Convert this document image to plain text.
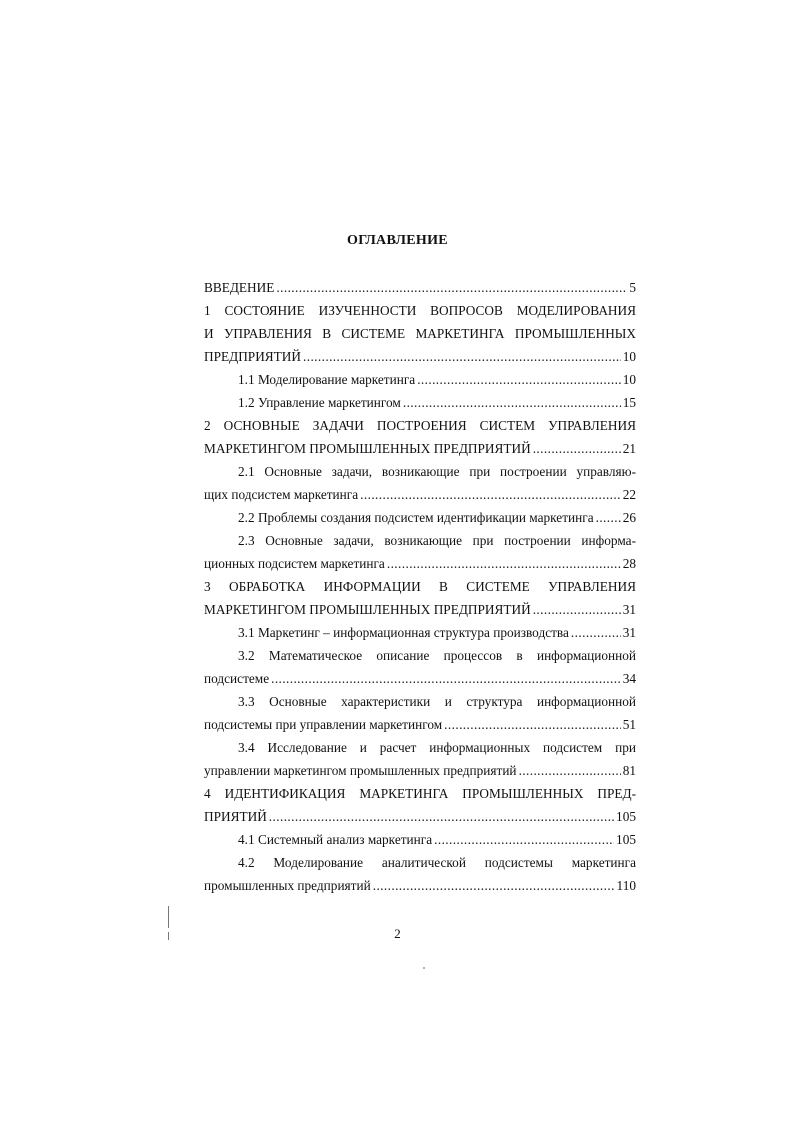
ОГЛАВЛЕНИЕ
ВВЕДЕНИЕ .....	5
1 СОСТОЯНИЕ ИЗУЧЕННОСТИ ВОПРОСОВ МОДЕЛИРОВАНИЯ
И УПРАВЛЕНИЯ В СИСТЕМЕ МАРКЕТИНГА ПРОМЫШЛЕННЫХ
ПРЕДПРИЯТИЙ .....	10
1.1 Моделирование маркетинга .....	10
1.2 Управление маркетингом .....	15
2 ОСНОВНЫЕ ЗАДАЧИ ПОСТРОЕНИЯ СИСТЕМ УПРАВЛЕНИЯ
МАРКЕТИНГОМ ПРОМЫШЛЕННЫХ ПРЕДПРИЯТИЙ .....	21
2.1 Основные задачи, возникающие при построении управляю-
щих подсистем маркетинга .....	22
2.2 Проблемы создания подсистем идентификации маркетинга ..... 26
2.3 Основные задачи, возникающие при построении информа-
ционных подсистем маркетинга .....	28
3 ОБРАБОТКА ИНФОРМАЦИИ В СИСТЕМЕ УПРАВЛЕНИЯ
МАРКЕТИНГОМ ПРОМЫШЛЕННЫХ ПРЕДПРИЯТИЙ .....	31
3.1 Маркетинг – информационная структура производства .....	31
3.2 Математическое описание процессов в информационной
подсистеме .....	34
3.3 Основные характеристики и структура информационной
подсистемы при управлении маркетингом .....	51
3.4 Исследование и расчет информационных подсистем при
управлении маркетингом промышленных предприятий .....	81
4 ИДЕНТИФИКАЦИЯ МАРКЕТИНГА ПРОМЫШЛЕННЫХ ПРЕД-
ПРИЯТИЙ .....	105
4.1 Системный анализ маркетинга .....	105
4.2 Моделирование аналитической подсистемы маркетинга
промышленных предприятий .....	110
2
